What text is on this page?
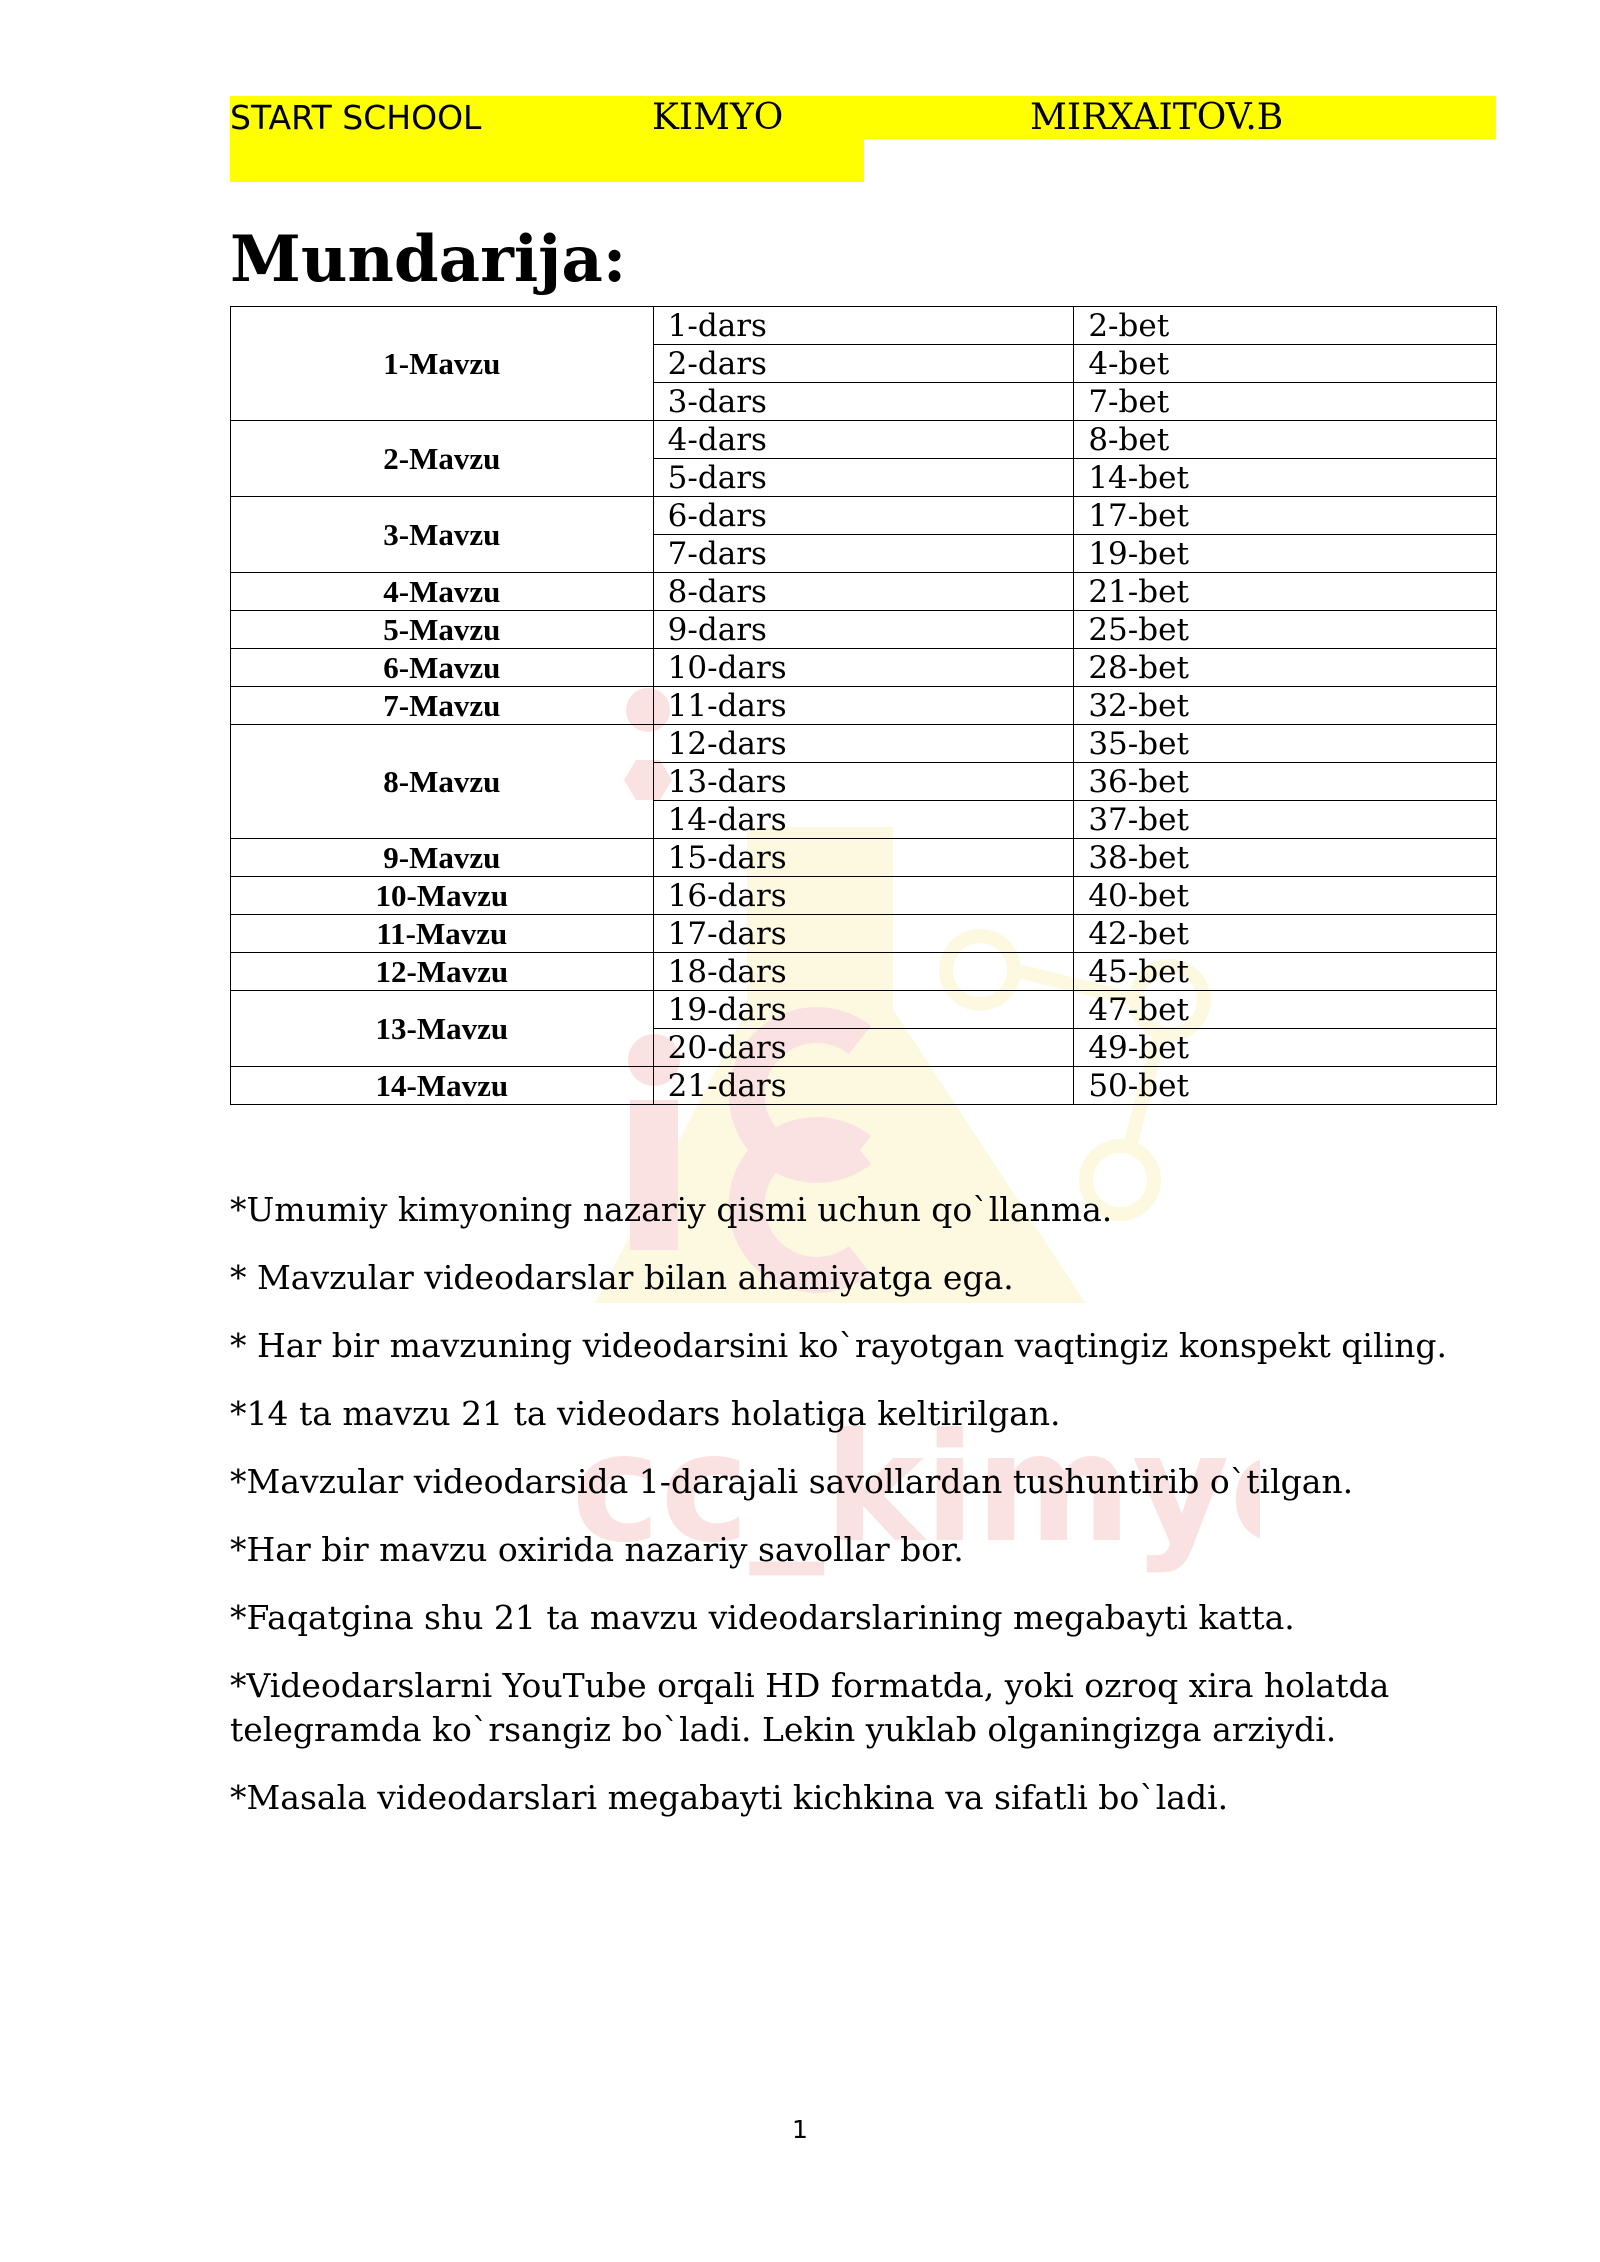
cc_kimy
START SCHOOL	KIMYO	MIRXAITOV.B
Mundarija:
1-Mavzu	1-dars	2-bet
	2-dars	4-bet
	3-dars	7-bet
2-Mavzu	4-dars	8-bet
	5-dars	14-bet
3-Mavzu	6-dars	17-bet
	7-dars	19-bet
4-Mavzu	8-dars	21-bet
5-Mavzu	9-dars	25-bet
6-Mavzu	10-dars	28-bet
7-Mavzu	11-dars	32-bet
8-Mavzu	12-dars	35-bet
	13-dars	36-bet
	14-dars	37-bet
9-Mavzu	15-dars	38-bet
10-Mavzu	16-dars	40-bet
11-Mavzu	17-dars	42-bet
12-Mavzu	18-dars	45-bet
13-Mavzu	19-dars	47-bet
	20-dars	49-bet
14-Mavzu	21-dars	50-bet
*Umumiy kimyoning nazariy qismi uchun qo`llanma.
* Mavzular videodarslar bilan ahamiyatga ega.
* Har bir mavzuning videodarsini ko`rayotgan vaqtingiz konspekt qiling.
*14 ta mavzu 21 ta videodars holatiga keltirilgan.
*Mavzular videodarsida 1-darajali savollardan tushuntirib o`tilgan.
*Har bir mavzu oxirida nazariy savollar bor.
*Faqatgina shu 21 ta mavzu videodarslarining megabayti katta.
*Videodarslarni YouTube orqali HD formatda, yoki ozroq xira holatda telegramda ko`rsangiz bo`ladi. Lekin yuklab olganingizga arziydi.
*Masala videodarslari megabayti kichkina va sifatli bo`ladi.
1
